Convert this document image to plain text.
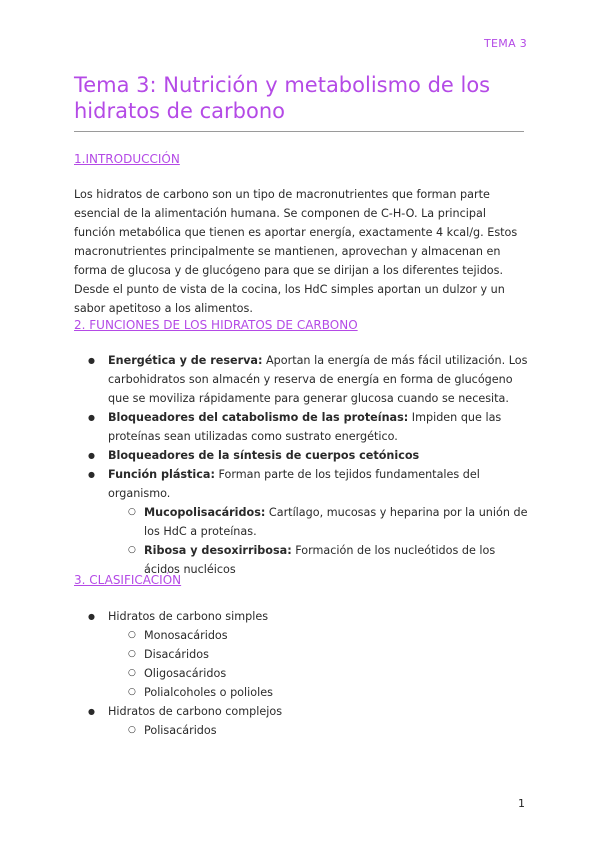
TEMA 3
Tema 3: Nutrición y metabolismo de los hidratos de carbono
1.INTRODUCCIÓN

Los hidratos de carbono son un tipo de macronutrientes que forman parte esencial de la alimentación humana. Se componen de C-H-O. La principal función metabólica que tienen es aportar energía, exactamente 4 kcal/g. Estos macronutrientes principalmente se mantienen, aprovechan y almacenan en forma de glucosa y de glucógeno para que se dirijan a los diferentes tejidos. Desde el punto de vista de la cocina, los HdC simples aportan un dulzor y un sabor apetitoso a los alimentos.

2. FUNCIONES DE LOS HIDRATOS DE CARBONO
● Energética y de reserva: Aportan la energía de más fácil utilización. Los carbohidratos son almacén y reserva de energía en forma de glucógeno que se moviliza rápidamente para generar glucosa cuando se necesita.
● Bloqueadores del catabolismo de las proteínas: Impiden que las proteínas sean utilizadas como sustrato energético.
● Bloqueadores de la síntesis de cuerpos cetónicos
● Función plástica: Forman parte de los tejidos fundamentales del organismo.
○ Mucopolisacáridos: Cartílago, mucosas y heparina por la unión de los HdC a proteínas.
○ Ribosa y desoxirribosa: Formación de los nucleótidos de los ácidos nucléicos
3. CLASIFICACIÓN
● Hidratos de carbono simples
○ Monosacáridos
○ Disacáridos
○ Oligosacáridos
○ Polialcoholes o polioles
● Hidratos de carbono complejos
○ Polisacáridos
1
